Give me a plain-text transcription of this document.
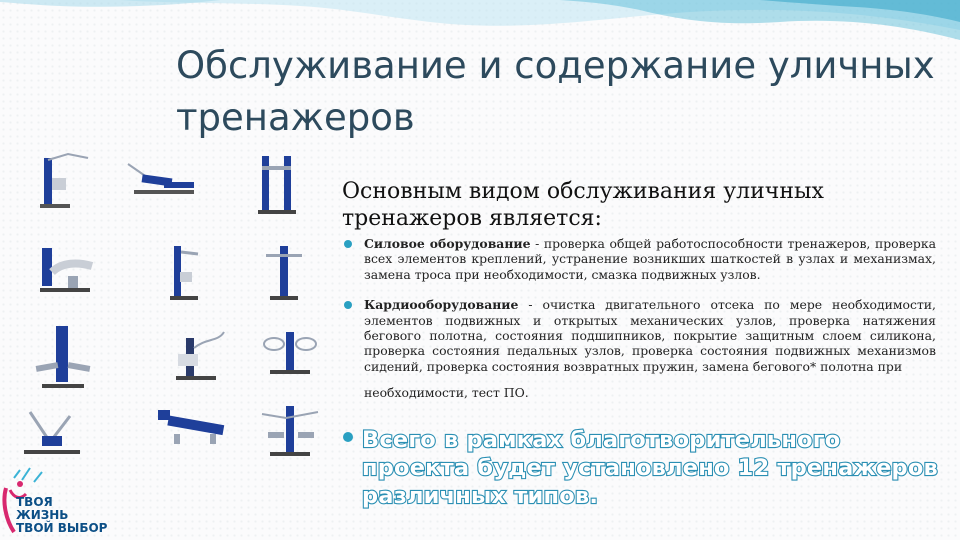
Обслуживание и содержание уличных тренажеров
Основным видом обслуживания уличных тренажеров является:
Силовое оборудование - проверка общей работоспособности тренажеров, проверка всех элементов креплений, устранение возникших шаткостей в узлах и механизмах, замена троса при необходимости, смазка подвижных узлов.
Кардиооборудование - очистка двигательного отсека по мере необходимости, элементов подвижных и открытых механических узлов, проверка натяжения бегового полотна, состояния подшипников, покрытие защитным слоем силикона, проверка состояния педальных узлов, проверка состояния подвижных механизмов сидений, проверка состояния возвратных пружин, замена бегового* полотна при
необходимости, тест ПО.
Всего в рамках благотворительного проекта будет установлено 12 тренажеров различных типов.
ТВОЯ
ЖИЗНЬ
ТВОЙ ВЫБОР
